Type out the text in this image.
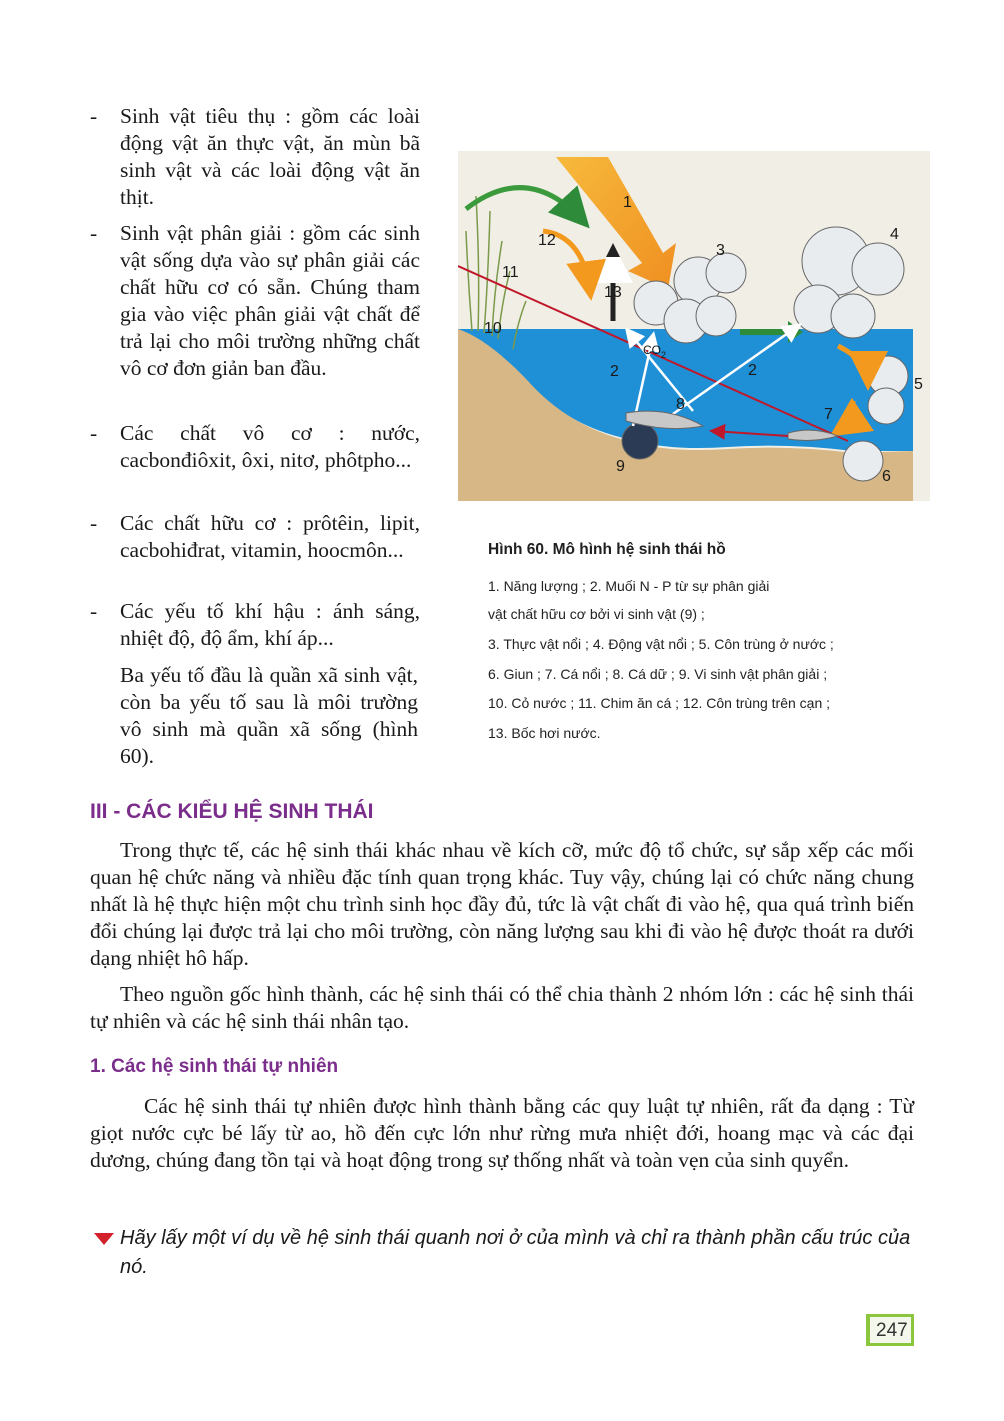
- Sinh vật tiêu thụ : gồm các loài động vật ăn thực vật, ăn mùn bã sinh vật và các loài động vật ăn thịt.
- Sinh vật phân giải : gồm các sinh vật sống dựa vào sự phân giải các chất hữu cơ có sẵn. Chúng tham gia vào việc phân giải vật chất để trả lại cho môi trường những chất vô cơ đơn giản ban đầu.
- Các chất vô cơ : nước, cacbonđiôxit, ôxi, nitơ, phôtpho...
- Các chất hữu cơ : prôtêin, lipit, cacbohiđrat, vitamin, hoocmôn...
- Các yếu tố khí hậu : ánh sáng, nhiệt độ, độ ẩm, khí áp...
Ba yếu tố đầu là quần xã sinh vật, còn ba yếu tố sau là môi trường vô sinh mà quần xã sống (hình 60).
1
2	2
3
4
5
6
7
8
9
10
11
12
13
$CO_2$
Hình 60. Mô hình hệ sinh thái hồ
1. Năng lượng ; 2. Muối N - P từ sự phân giải
vật chất hữu cơ bởi vi sinh vật (9) ;
3. Thực vật nổi ; 4. Động vật nổi ; 5. Côn trùng ở nước ;
6. Giun ; 7. Cá nổi ; 8. Cá dữ ; 9. Vi sinh vật phân giải ;
10. Cỏ nước ; 11. Chim ăn cá ; 12. Côn trùng trên cạn ;
13. Bốc hơi nước.
III - CÁC KIỂU HỆ SINH THÁI
Trong thực tế, các hệ sinh thái khác nhau về kích cỡ, mức độ tổ chức, sự sắp xếp các mối quan hệ chức năng và nhiều đặc tính quan trọng khác. Tuy vậy, chúng lại có chức năng chung nhất là hệ thực hiện một chu trình sinh học đầy đủ, tức là vật chất đi vào hệ, qua quá trình biến đổi chúng lại được trả lại cho môi trường, còn năng lượng sau khi đi vào hệ được thoát ra dưới dạng nhiệt hô hấp.
Theo nguồn gốc hình thành, các hệ sinh thái có thể chia thành 2 nhóm lớn : các hệ sinh thái tự nhiên và các hệ sinh thái nhân tạo.
1. Các hệ sinh thái tự nhiên
Các hệ sinh thái tự nhiên được hình thành bằng các quy luật tự nhiên, rất đa dạng : Từ giọt nước cực bé lấy từ ao, hồ đến cực lớn như rừng mưa nhiệt đới, hoang mạc và các đại dương, chúng đang tồn tại và hoạt động trong sự thống nhất và toàn vẹn của sinh quyển.
Hãy lấy một ví dụ về hệ sinh thái quanh nơi ở của mình và chỉ ra thành phần cấu trúc của nó.
247
